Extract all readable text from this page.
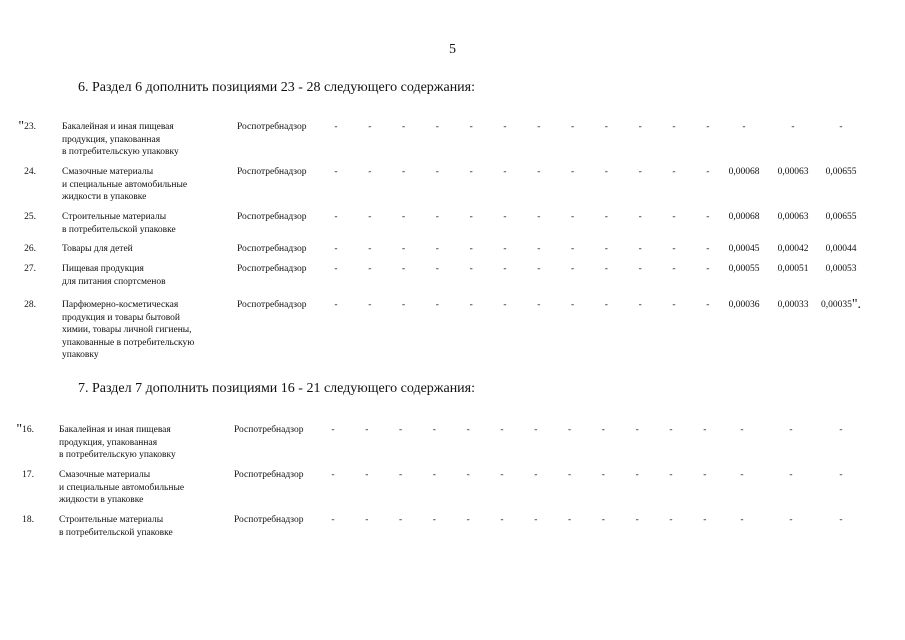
5
6. Раздел 6 дополнить позициями 23 - 28 следующего содержания:
"23.	Бакалейная и иная пищевая
продукция, упакованная
в потребительскую упаковку
Роспотребнадзор	-	-	-	-	-	-	-	-	-	-	-	-	-	-	-
24.	Смазочные материалы
и специальные автомобильные
жидкости в упаковке
Роспотребнадзор	-	-	-	-	-	-	-	-	-	-	-	-	0,00068	0,00063	0,00655
25.	Строительные материалы
в потребительской упаковке
Роспотребнадзор	-	-	-	-	-	-	-	-	-	-	-	-	0,00068	0,00063	0,00655
26.	Товары для детей	Роспотребнадзор	-	-	-	-	-	-	-	-	-	-	-	-	0,00045	0,00042	0,00044
27.	Пищевая продукция
для питания спортсменов
Роспотребнадзор	-	-	-	-	-	-	-	-	-	-	-	-	0,00055	0,00051	0,00053
28.	Парфюмерно-косметическая
продукция и товары бытовой
химии, товары личной гигиены,
упакованные в потребительскую
упаковку
Роспотребнадзор	-	-	-	-	-	-	-	-	-	-	-	-	0,00036	0,00033	0,00035".
7. Раздел 7 дополнить позициями 16 - 21 следующего содержания:
"16.	Бакалейная и иная пищевая
продукция, упакованная
в потребительскую упаковку
Роспотребнадзор	-	-	-	-	-	-	-	-	-	-	-	-	-	-	-
17.	Смазочные материалы
и специальные автомобильные
жидкости в упаковке
Роспотребнадзор	-	-	-	-	-	-	-	-	-	-	-	-	-	-	-
18.	Строительные материалы
в потребительской упаковке
Роспотребнадзор	-	-	-	-	-	-	-	-	-	-	-	-	-	-	-
